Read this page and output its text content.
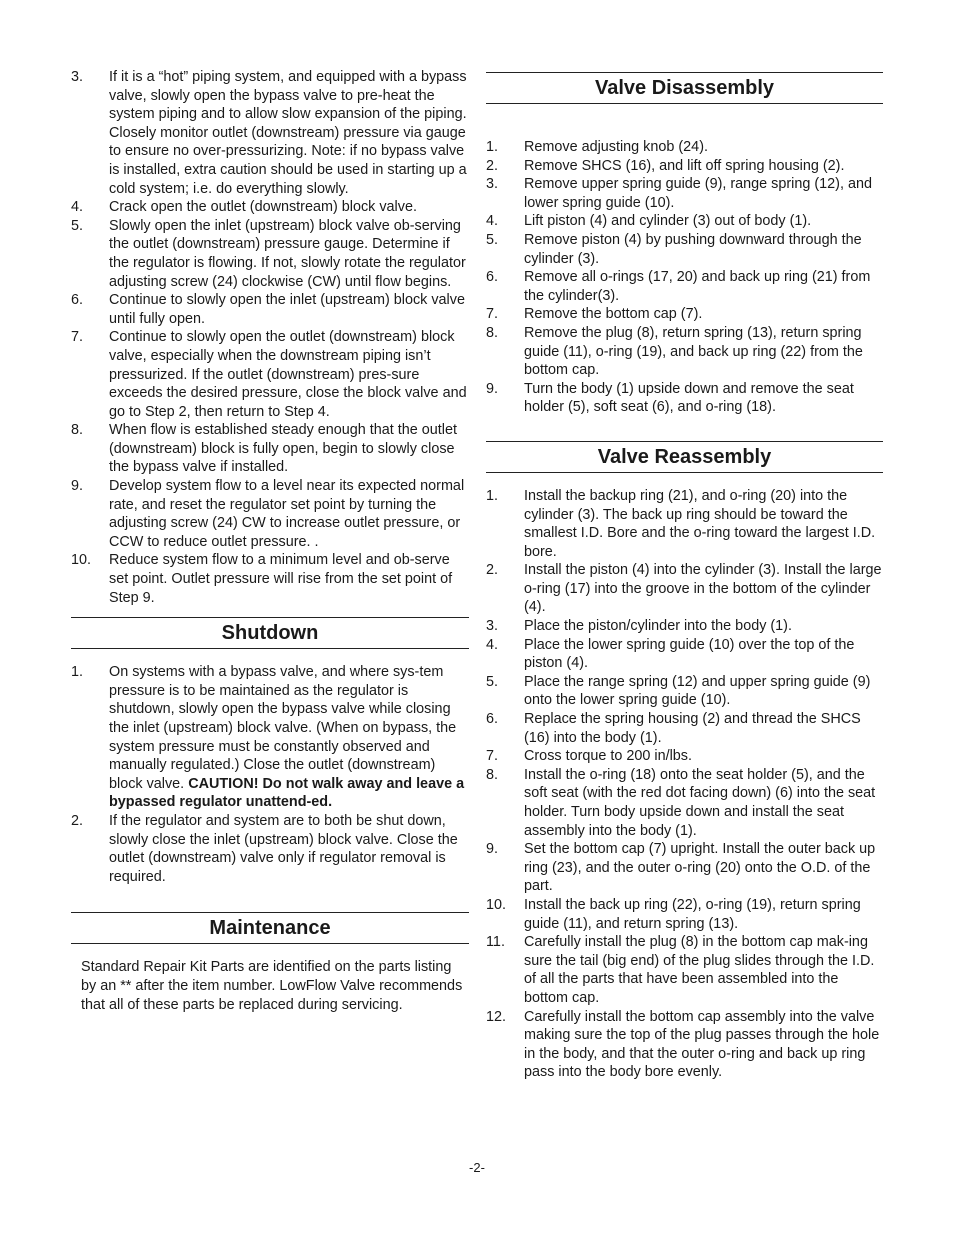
3.	If it is a “hot” piping system, and equipped with a bypass valve, slowly open the bypass valve to pre-heat the system piping and to allow slow expansion of the piping. Closely monitor outlet (downstream) pressure via gauge to ensure no over-pressurizing. Note: if no bypass valve is installed, extra caution should be used in starting up a cold system; i.e. do everything slowly.
4.	Crack open the outlet (downstream) block valve.
5.	Slowly open the inlet (upstream) block valve ob-serving the outlet (downstream) pressure gauge. Determine if the regulator is flowing. If not, slowly rotate the regulator adjusting screw (24) clockwise (CW) until flow begins.
6.	Continue to slowly open the inlet (upstream) block valve until fully open.
7.	Continue to slowly open the outlet (downstream) block valve, especially when the downstream piping isn’t pressurized. If the outlet (downstream) pres-sure exceeds the desired pressure, close the block valve and go to Step 2, then return to Step 4.
8.	When flow is established steady enough that the outlet (downstream) block is fully open, begin to slowly close the bypass valve if installed.
9.	Develop system flow to a level near its expected normal rate, and reset the regulator set point by turning the adjusting screw (24) CW to increase outlet pressure, or CCW to reduce outlet pressure. .
10.	Reduce system flow to a minimum level and ob-serve set point. Outlet pressure will rise from the set point of Step 9.
Shutdown
1.	On systems with a bypass valve, and where sys-tem pressure is to be maintained as the regulator is shutdown, slowly open the bypass valve while closing the inlet (upstream) block valve. (When on bypass, the system pressure must be constantly observed and manually regulated.) Close the outlet (downstream) block valve. CAUTION! Do not walk away and leave a bypassed regulator unattend-ed.
2.	If the regulator and system are to both be shut down, slowly close the inlet (upstream) block valve. Close the outlet (downstream) valve only if regulator removal is required.
Maintenance

Standard Repair Kit Parts are identified on the parts listing by an ** after the item number. LowFlow Valve recommends that all of these parts be replaced during servicing.

Valve Disassembly
1.	Remove adjusting knob (24).
2.	Remove SHCS (16), and lift off spring housing (2).
3.	Remove upper spring guide (9), range spring (12), and lower spring guide (10).
4.	Lift piston (4) and cylinder (3) out of body (1).
5.	Remove piston (4) by pushing downward through the cylinder (3).
6.	Remove all o-rings (17, 20) and back up ring (21) from the cylinder(3).
7.	Remove the bottom cap (7).
8.	Remove the plug (8), return spring (13), return spring guide (11), o-ring (19), and back up ring (22) from the bottom cap.
9.	Turn the body (1) upside down and remove the seat holder (5), soft seat (6), and o-ring (18).
Valve Reassembly
1.	Install the backup ring (21), and o-ring (20) into the cylinder (3). The back up ring should be toward the smallest I.D. Bore and the o-ring toward the largest I.D. bore.
2.	Install the piston (4) into the cylinder (3). Install the large o-ring (17) into the groove in the bottom of the cylinder (4).
3.	Place the piston/cylinder into the body (1).
4.	Place the lower spring guide (10) over the top of the piston (4).
5.	Place the range spring (12) and upper spring guide (9) onto the lower spring guide (10).
6.	Replace the spring housing (2) and thread the SHCS (16) into the body (1).
7.	Cross torque to 200 in/lbs.
8.	Install the o-ring (18) onto the seat holder (5), and the soft seat (with the red dot facing down) (6) into the seat holder. Turn body upside down and install the seat assembly into the body (1).
9.	Set the bottom cap (7) upright. Install the outer back up ring (23), and the outer o-ring (20) onto the O.D. of the part.
10.	Install the back up ring (22), o-ring (19), return spring guide (11), and return spring (13).
11.	Carefully install the plug (8) in the bottom cap mak-ing sure the tail (big end) of the plug slides through the I.D. of all the parts that have been assembled into the bottom cap.
12.	Carefully install the bottom cap assembly into the valve making sure the top of the plug passes through the hole in the body, and that the outer o-ring and back up ring pass into the body bore evenly.
-2-
